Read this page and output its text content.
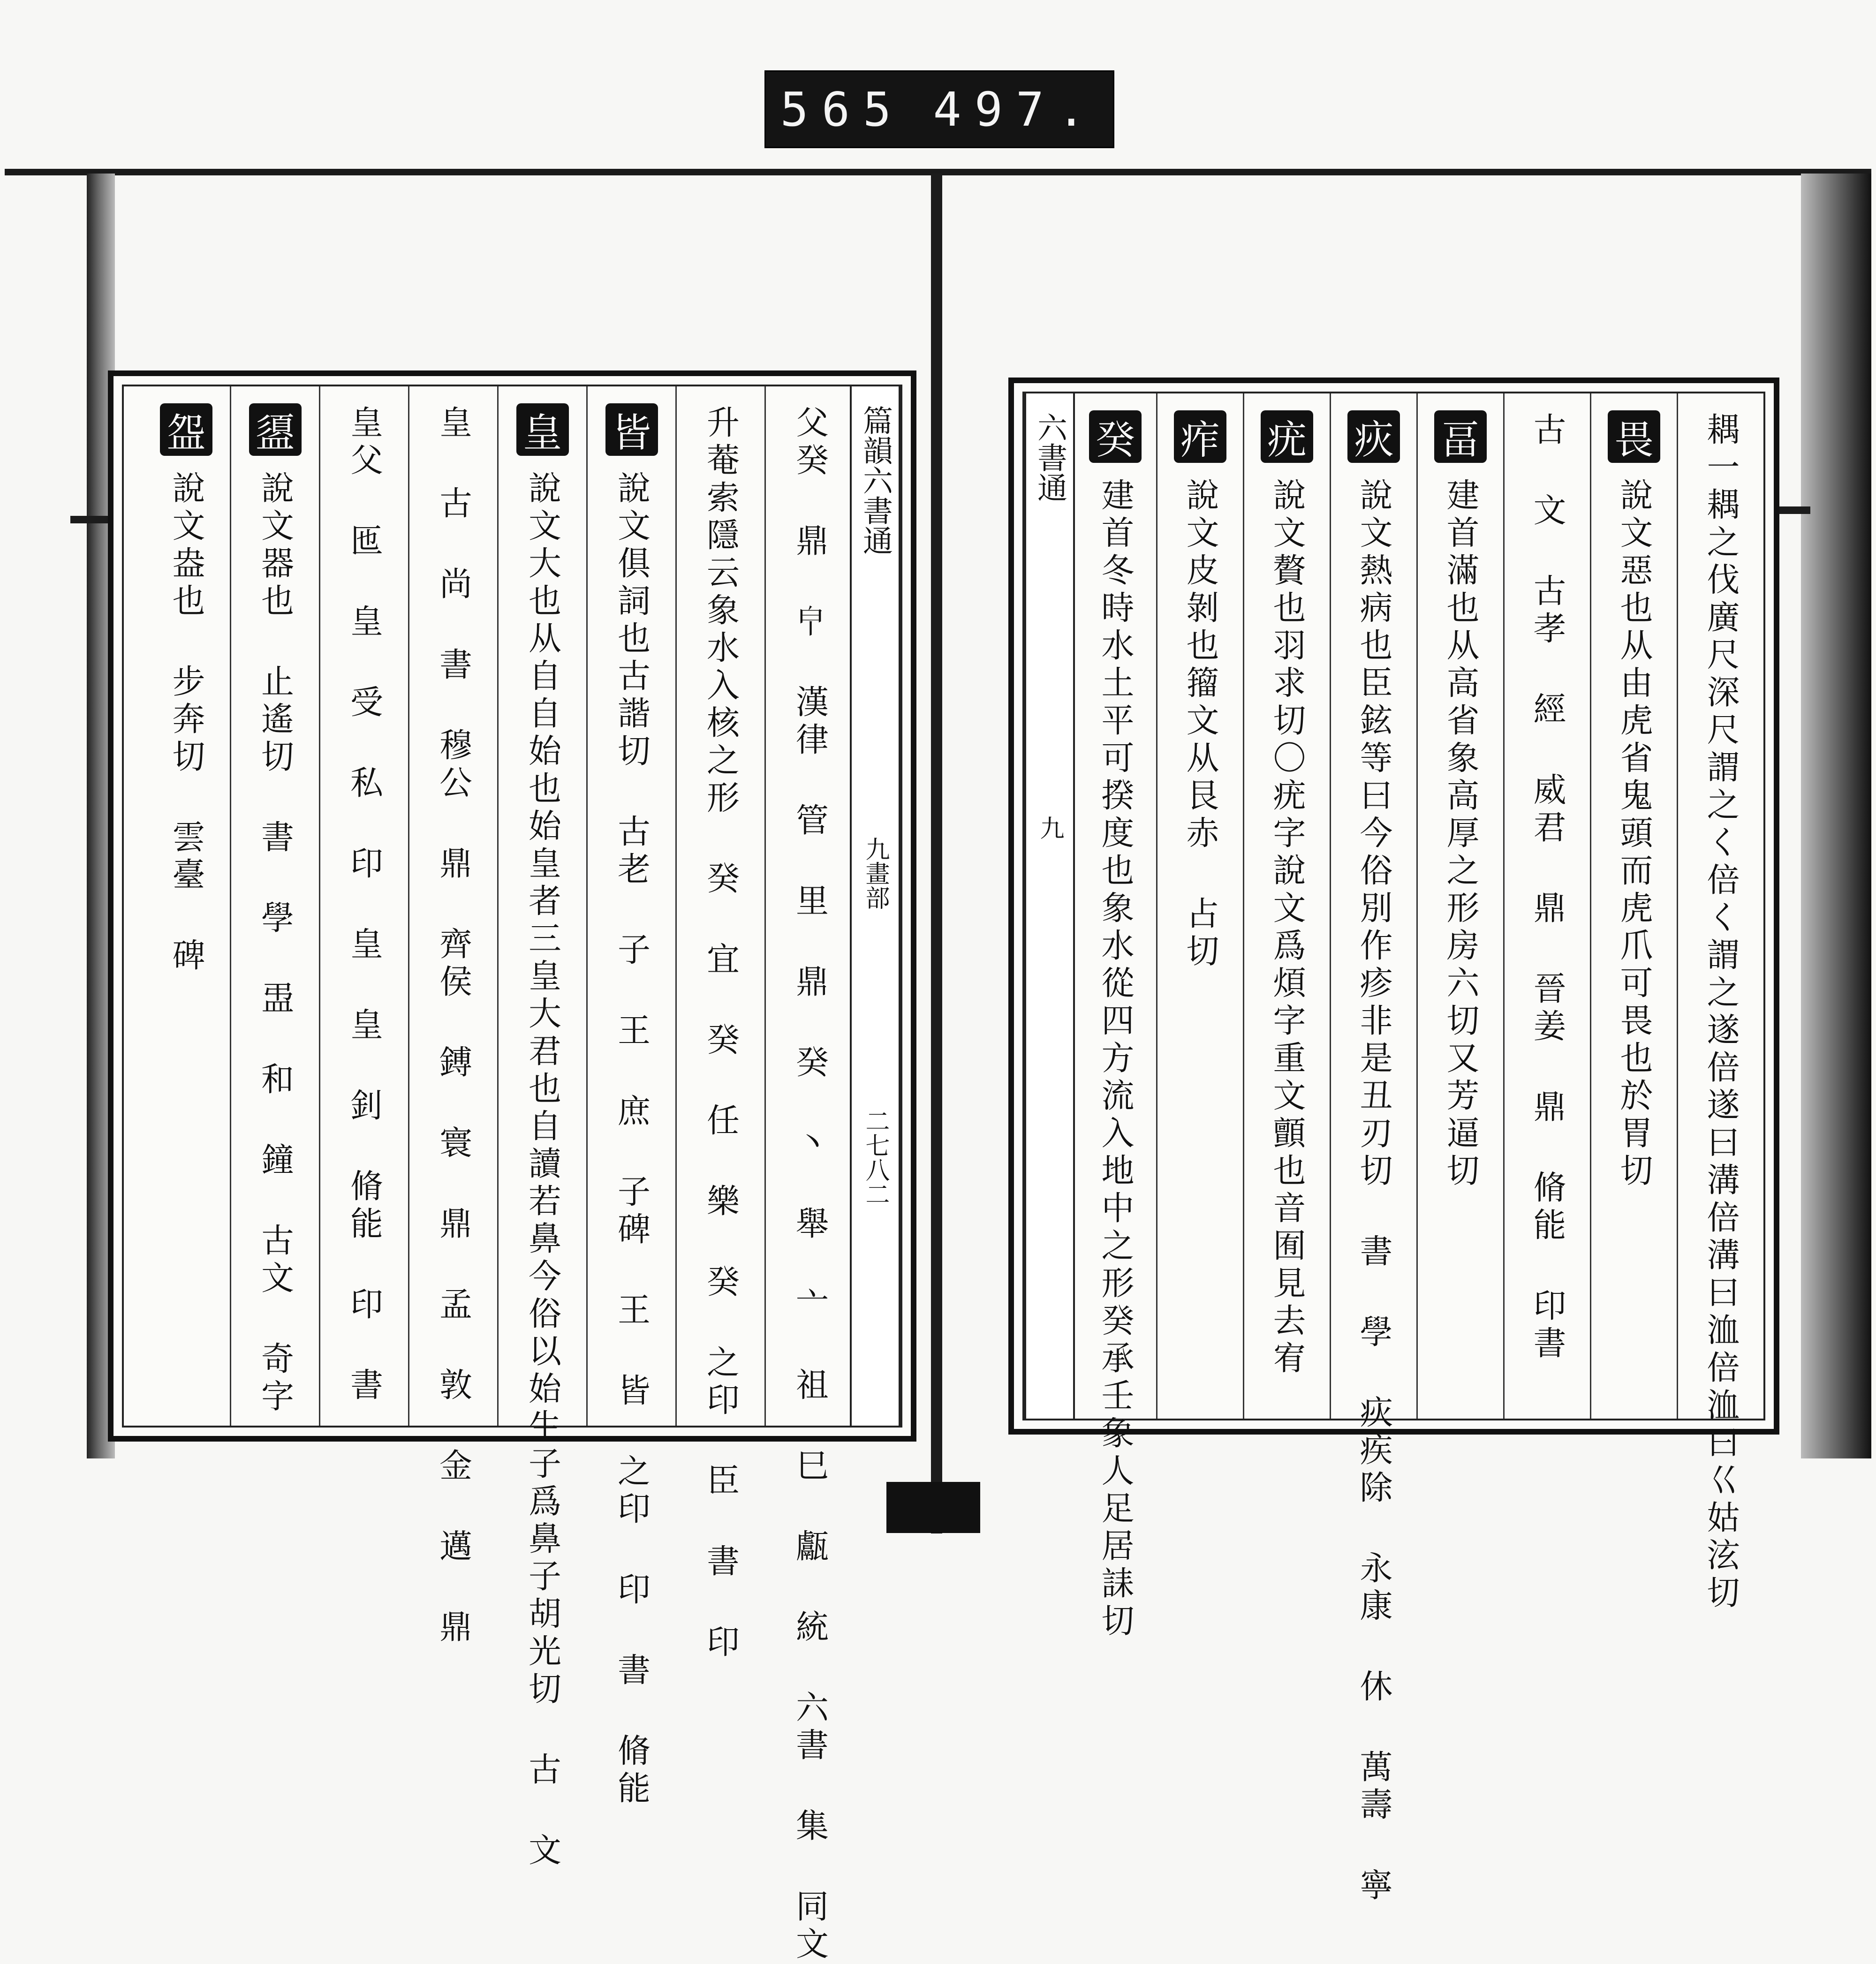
565 497.
篇韻六書通
九畫部
二七八二
父癸 鼎 𤼽 漢律 管 ⾥ 鼎 癸 ⼂ 舉 ⼇ 祖 巳 甗 統 六書 集 同文
升菴索隱云象水入核之形 癸 宜 癸 任 樂 癸 之印 臣 書 印
皆
說文俱詞也古諧切 古老 子 王 庶 子碑 王 皆 之印 印 書 脩能
皇
說文大也从自自始也始皇者三皇大君也自讀若鼻今俗以始生子爲鼻子胡光切 古 文
皇 古 尚 書 穆公 鼎 齊侯 鎛 寰 鼎 孟 敦 金 邁 鼎
皇父 匜 皇 受 私 印 皇 皇 釗 脩能 印 書
盨
說文器也 止遙切 書 學 盄 和 鐘 古文 奇字
盌
說文盎也 步奔切 雲臺 碑
六書通
九	耦一耦之伐廣尺深尺謂之く倍く謂之遂倍遂曰溝倍溝曰洫倍洫曰巜姑泫切
畏
說文惡也从由虎省鬼頭而虎爪可畏也於胃切
古 文 古孝 經 威君 鼎 晉姜 鼎 脩能 印書
畐
建首滿也从高省象高厚之形房六切又芳逼切
疢
說文熱病也臣鉉等曰今俗別作疹非是丑刃切 書 學 疢疾除 永康 休 萬壽 寧
疣
說文贅也羽求切〇疣字說文爲煩字重文顫也音囿見去宥
痄
說文皮剝也籀文从艮赤 占切
癸
建首冬時水土平可揆度也象水從四方流入地中之形癸承壬象人足居誄切
